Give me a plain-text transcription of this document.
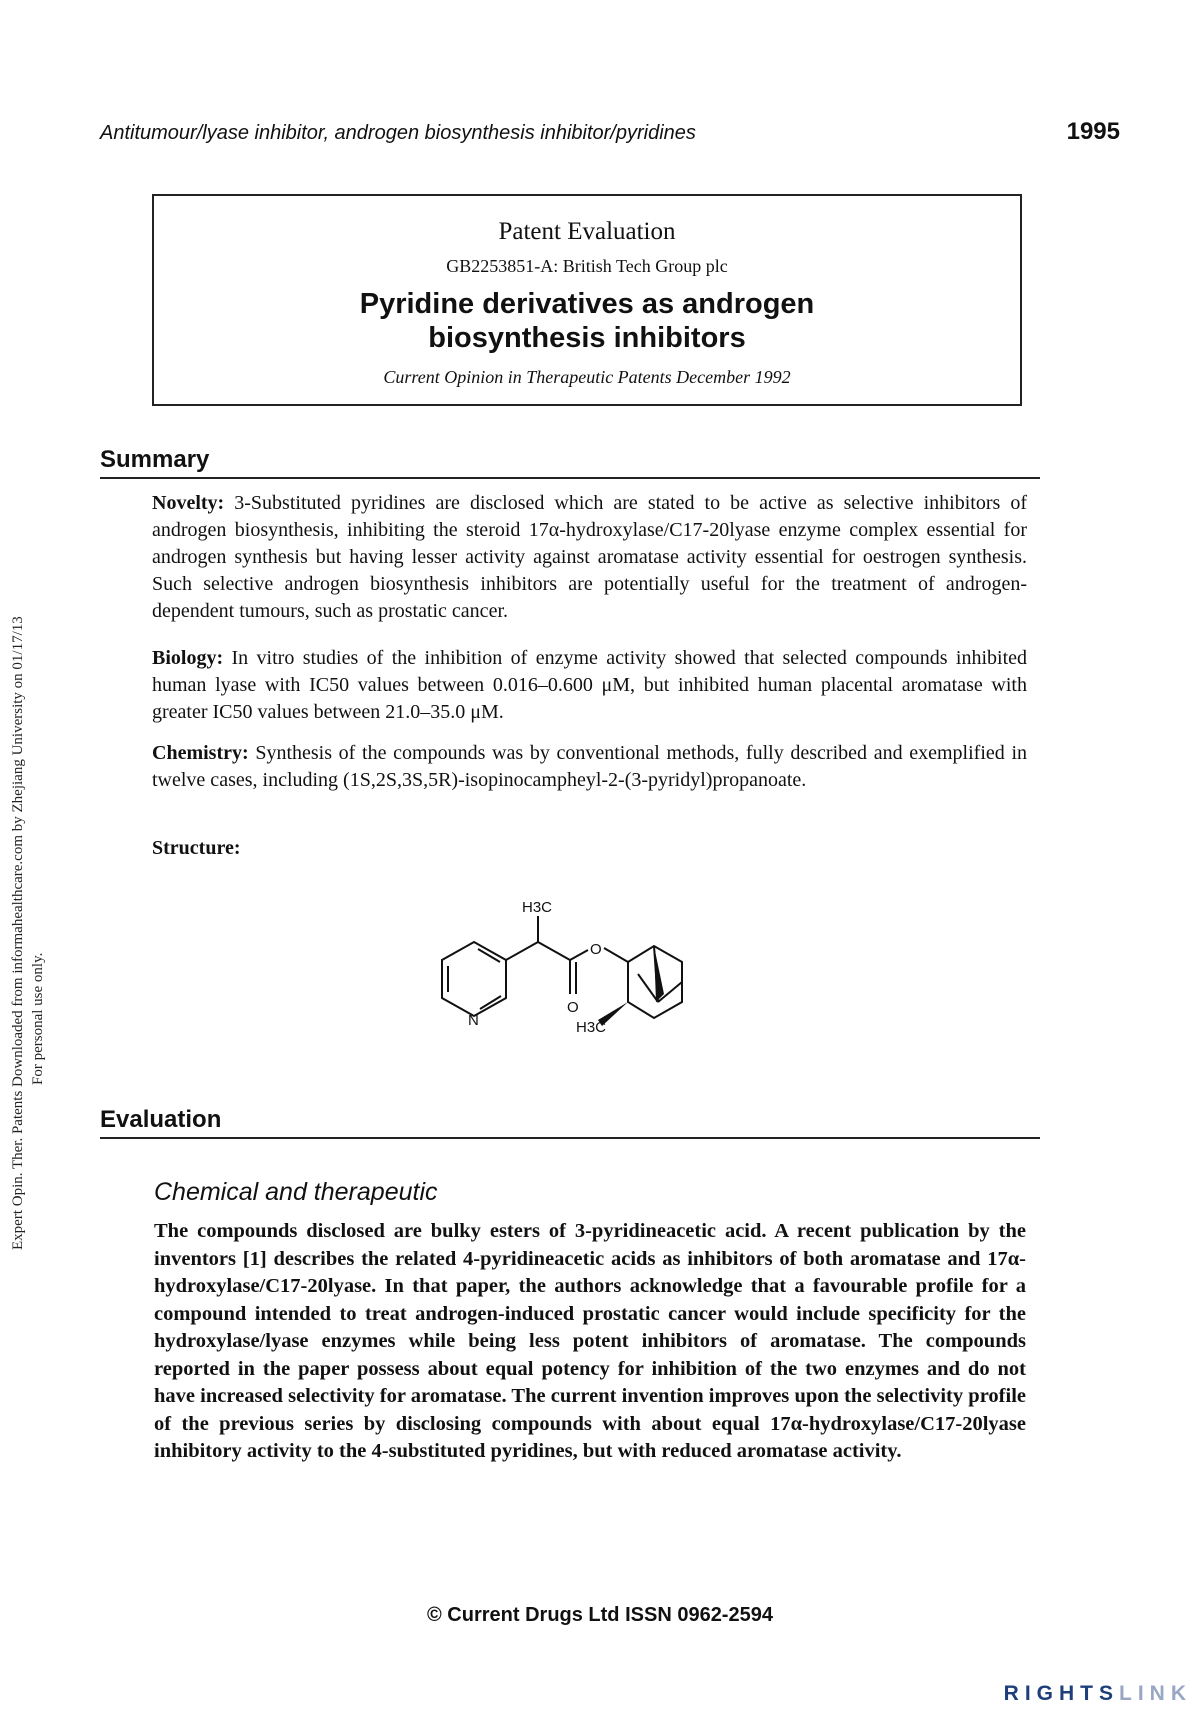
Expert Opin. Ther. Patents Downloaded from informahealthcare.com by Zhejiang University on 01/17/13 For personal use only.
Antitumour/lyase inhibitor, androgen biosynthesis inhibitor/pyridines	1995
Patent Evaluation
GB2253851-A: British Tech Group plc
Pyridine derivatives as androgen biosynthesis inhibitors
Current Opinion in Therapeutic Patents December 1992
Summary

Novelty: 3-Substituted pyridines are disclosed which are stated to be active as selective inhibitors of androgen biosynthesis, inhibiting the steroid 17α-hydroxylase/C17-20lyase enzyme complex essential for androgen synthesis but having lesser activity against aromatase activity essential for oestrogen synthesis. Such selective androgen biosynthesis inhibitors are potentially useful for the treatment of androgen-dependent tumours, such as prostatic cancer.

Biology: In vitro studies of the inhibition of enzyme activity showed that selected compounds inhibited human lyase with IC50 values between 0.016–0.600 μM, but inhibited human placental aromatase with greater IC50 values between 21.0–35.0 μM.

Chemistry: Synthesis of the compounds was by conventional methods, fully described and exemplified in twelve cases, including (1S,2S,3S,5R)-isopinocampheyl-2-(3-pyridyl)propanoate.

Structure:

H3C
O
O
N	H3C
Evaluation
Chemical and therapeutic

The compounds disclosed are bulky esters of 3-pyridineacetic acid. A recent publication by the inventors [1] describes the related 4-pyridineacetic acids as inhibitors of both aromatase and 17α-hydroxylase/C17-20lyase. In that paper, the authors acknowledge that a favourable profile for a compound intended to treat androgen-induced prostatic cancer would include specificity for the hydroxylase/lyase enzymes while being less potent inhibitors of aromatase. The compounds reported in the paper possess about equal potency for inhibition of the two enzymes and do not have increased selectivity for aromatase. The current invention improves upon the selectivity profile of the previous series by disclosing compounds with about equal 17α-hydroxylase/C17-20lyase inhibitory activity to the 4-substituted pyridines, but with reduced aromatase activity.

© Current Drugs Ltd ISSN 0962-2594
RIGHTSLINK
